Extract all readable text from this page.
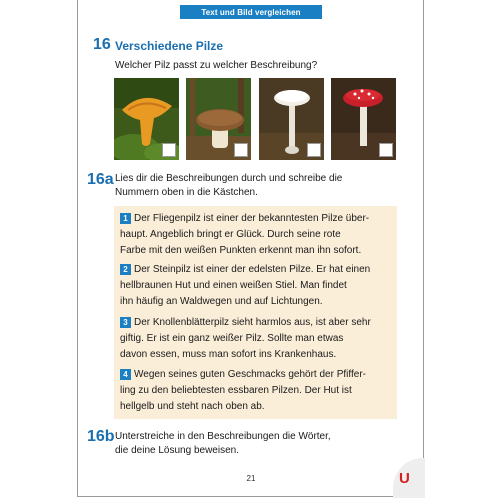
Text und Bild vergleichen
16 Verschiedene Pilze
Welcher Pilz passt zu welcher Beschreibung?
16a Lies dir die Beschreibungen durch und schreibe die
Nummern oben in die Kästchen.
1 Der Fliegenpilz ist einer der bekanntesten Pilze über-
haupt. Angeblich bringt er Glück. Durch seine rote
Farbe mit den weißen Punkten erkennt man ihn sofort.
2 Der Steinpilz ist einer der edelsten Pilze. Er hat einen
hellbraunen Hut und einen weißen Stiel. Man findet
ihn häufig an Waldwegen und auf Lichtungen.
3 Der Knollenblätterpilz sieht harmlos aus, ist aber sehr
giftig. Er ist ein ganz weißer Pilz. Sollte man etwas
davon essen, muss man sofort ins Krankenhaus.
4 Wegen seines guten Geschmacks gehört der Pfiffer-
ling zu den beliebtesten essbaren Pilzen. Der Hut ist
hellgelb und steht nach oben ab.
16b Unterstreiche in den Beschreibungen die Wörter,
die deine Lösung beweisen.
21	U
